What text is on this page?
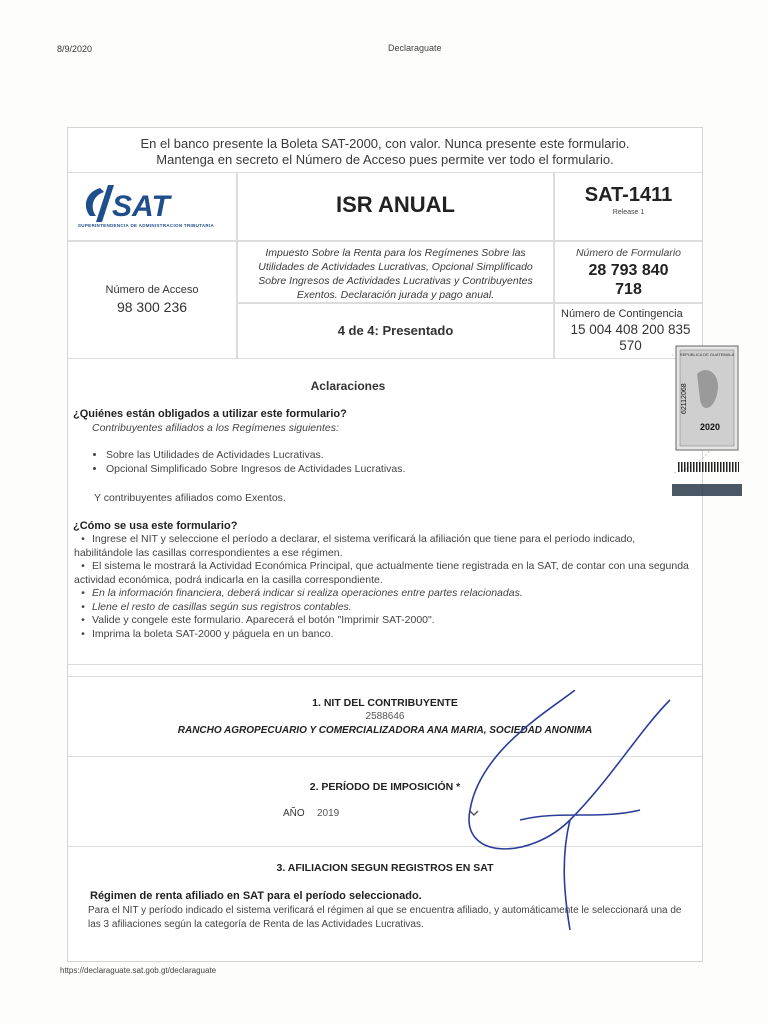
8/9/2020	Declaraguate
En el banco presente la Boleta SAT-2000, con valor. Nunca presente este formulario.
Mantenga en secreto el Número de Acceso pues permite ver todo el formulario.
SAT
SUPERINTENDENCIA DE ADMINISTRACION TRIBUTARIA
ISR ANUAL	SAT-1411
Release 1
Número de Acceso
98 300 236
Impuesto Sobre la Renta para los Regímenes Sobre las Utilidades de Actividades Lucrativas, Opcional Simplificado Sobre Ingresos de Actividades Lucrativas y Contribuyentes Exentos. Declaración jurada y pago anual.
Número de Formulario
28 793 840
718
4 de 4: Presentado
Número de Contingencia
15 004 408 200 835
570
Aclaraciones
¿Quiénes están obligados a utilizar este formulario?
Contribuyentes afiliados a los Regímenes siguientes:
• Sobre las Utilidades de Actividades Lucrativas.
• Opcional Simplificado Sobre Ingresos de Actividades Lucrativas.
Y contribuyentes afiliados como Exentos.
¿Cómo se usa este formulario?
• Ingrese el NIT y seleccione el período a declarar, el sistema verificará la afiliación que tiene para el período indicado, habilitándole las casillas correspondientes a ese régimen.
• El sistema le mostrará la Actividad Económica Principal, que actualmente tiene registrada en la SAT, de contar con una segunda actividad económica, podrá indicarla en la casilla correspondiente.
• En la información financiera, deberá indicar si realiza operaciones entre partes relacionadas.
• Llene el resto de casillas según sus registros contables.
• Valide y congele este formulario. Aparecerá el botón "Imprimir SAT-2000".
• Imprima la boleta SAT-2000 y páguela en un banco.
1. NIT DEL CONTRIBUYENTE
2588646
RANCHO AGROPECUARIO Y COMERCIALIZADORA ANA MARIA, SOCIEDAD ANONIMA
2. PERÍODO DE IMPOSICIÓN *
AÑO 2019
3. AFILIACION SEGUN REGISTROS EN SAT
Régimen de renta afiliado en SAT para el período seleccionado.
Para el NIT y período indicado el sistema verificará el régimen al que se encuentra afiliado, y automáticamente le seleccionará una de las 3 afiliaciones según la categoría de Renta de las Actividades Lucrativas.
REPUBLICA DE GUATEMALA
62112068
2020
https://declaraguate.sat.gob.gt/declaraguate
